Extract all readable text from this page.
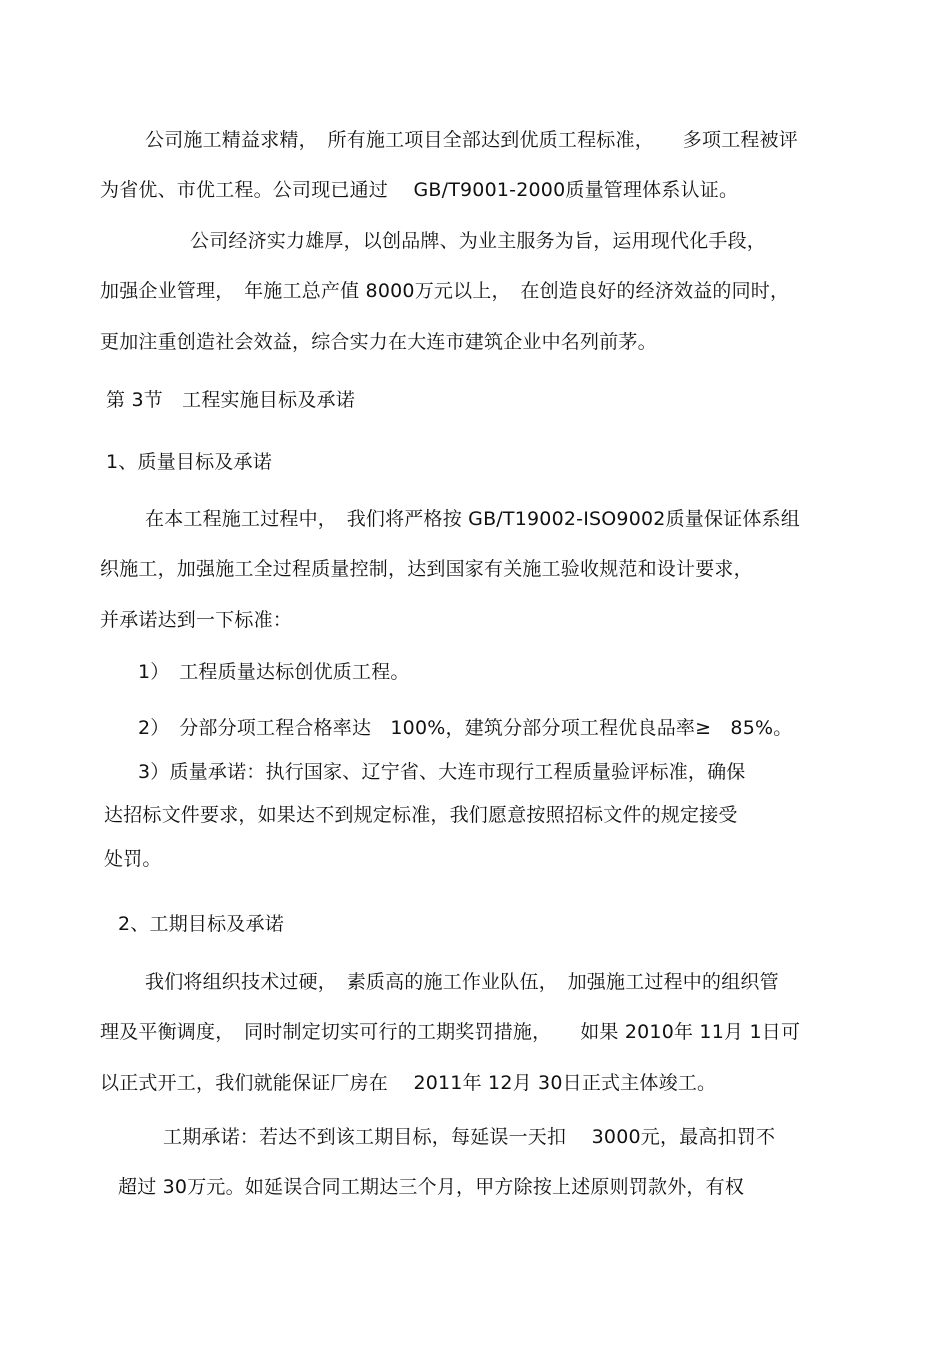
公司施工精益求精，　所有施工项目全部达到优质工程标准，　　多项工程被评
为省优、市优工程。公司现已通过　 GB/T9001-2000质量管理体系认证。
公司经济实力雄厚，以创品牌、为业主服务为旨，运用现代化手段，
加强企业管理，　年施工总产值 8000万元以上，　在创造良好的经济效益的同时，
更加注重创造社会效益，综合实力在大连市建筑企业中名列前茅。
第 3节　工程实施目标及承诺
1、质量目标及承诺
在本工程施工过程中，　我们将严格按 GB/T19002-ISO9002质量保证体系组
织施工，加强施工全过程质量控制，达到国家有关施工验收规范和设计要求，
并承诺达到一下标准：
1）　工程质量达标创优质工程。
2）　分部分项工程合格率达　100%，建筑分部分项工程优良品率≥　85%。
3）质量承诺：执行国家、辽宁省、大连市现行工程质量验评标准，确保
达招标文件要求，如果达不到规定标准，我们愿意按照招标文件的规定接受
处罚。
2、工期目标及承诺
我们将组织技术过硬，　素质高的施工作业队伍，　加强施工过程中的组织管
理及平衡调度，　同时制定切实可行的工期奖罚措施，　　如果 2010年 11月 1日可
以正式开工，我们就能保证厂房在　 2011年 12月 30日正式主体竣工。
工期承诺：若达不到该工期目标，每延误一天扣　 3000元，最高扣罚不
超过 30万元。如延误合同工期达三个月，甲方除按上述原则罚款外，有权
